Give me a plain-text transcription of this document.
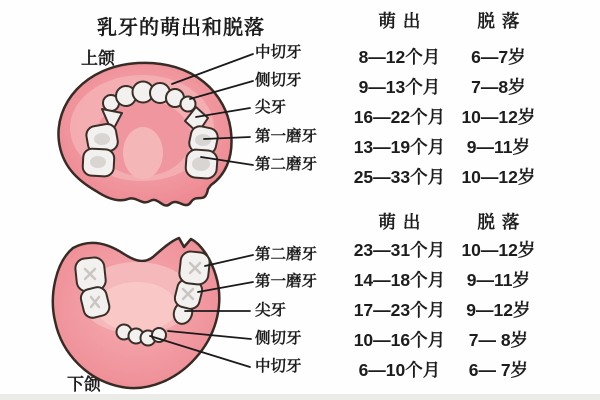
乳牙的萌出和脱落
上颌
下颌
中切牙
侧切牙
尖牙
第一磨牙
第二磨牙
第二磨牙
第一磨牙
尖牙
侧切牙
中切牙
萌出	脱落
8—12个月	6—7岁
9—13个月	7—8岁
16—22个月 10—12岁
13—19个月	9—11岁
25—33个月 10—12岁
萌出	脱落
23—31个月 10—12岁
14—18个月	9—11岁
17—23个月	9—12岁
10—16个月	7— 8岁
6—10个月	6— 7岁
